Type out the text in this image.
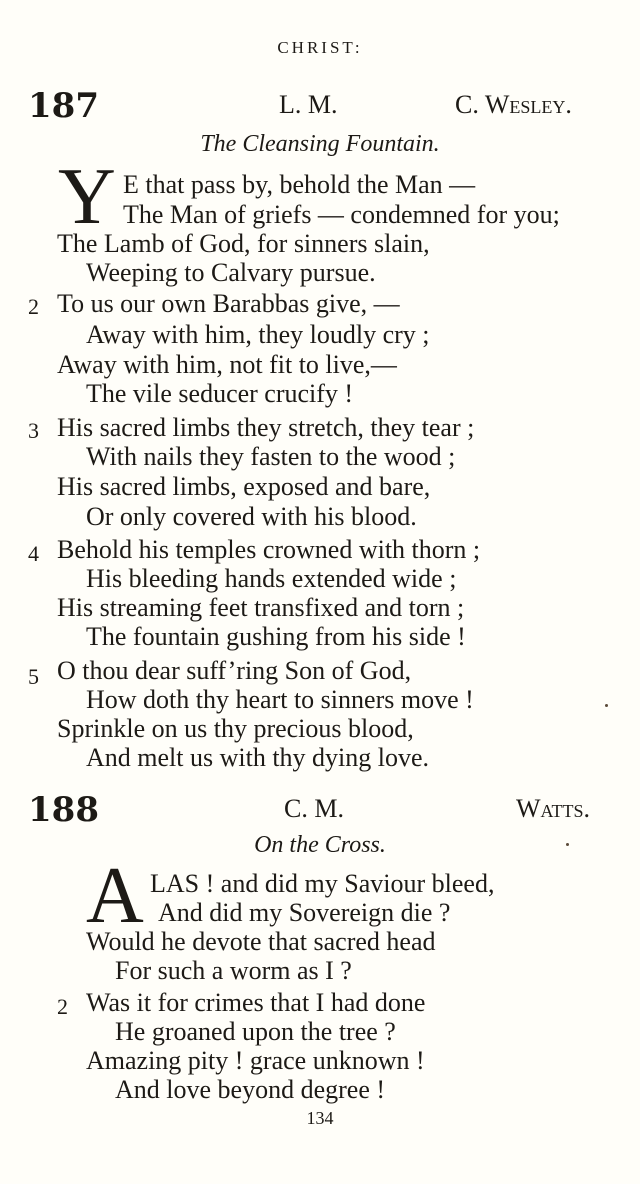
CHRIST:
187	L. M.	C. Wesley.
The Cleansing Fountain.
Y E that pass by, behold the Man —
The Man of griefs — condemned for you;
The Lamb of God, for sinners slain,
Weeping to Calvary pursue.
2 To us our own Barabbas give, —
Away with him, they loudly cry ;
Away with him, not fit to live,—
The vile seducer crucify !
3 His sacred limbs they stretch, they tear ;
With nails they fasten to the wood ;
His sacred limbs, exposed and bare,
Or only covered with his blood.
4 Behold his temples crowned with thorn ;
His bleeding hands extended wide ;
His streaming feet transfixed and torn ;
The fountain gushing from his side !
5 O thou dear suff’ring Son of God,
How doth thy heart to sinners move !
Sprinkle on us thy precious blood,
And melt us with thy dying love.
188	C. M.	Watts.
On the Cross.
A LAS ! and did my Saviour bleed,
And did my Sovereign die ?
Would he devote that sacred head
For such a worm as I ?
2 Was it for crimes that I had done
He groaned upon the tree ?
Amazing pity ! grace unknown !
And love beyond degree !
134
